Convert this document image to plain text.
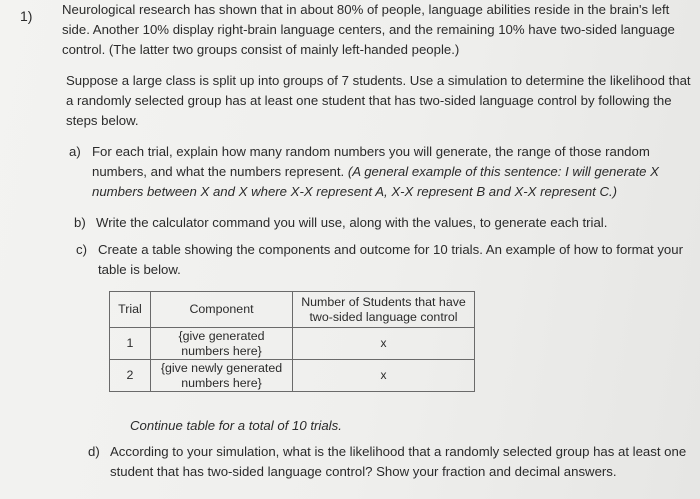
1) Neurological research has shown that in about 80% of people, language abilities reside in the brain's left
side. Another 10% display right-brain language centers, and the remaining 10% have two-sided language
control. (The latter two groups consist of mainly left-handed people.)
Suppose a large class is split up into groups of 7 students. Use a simulation to determine the likelihood that
a randomly selected group has at least one student that has two-sided language control by following the
steps below.
a) For each trial, explain how many random numbers you will generate, the range of those random
numbers, and what the numbers represent. (A general example of this sentence: I will generate X
numbers between X and X where X-X represent A, X-X represent B and X-X represent C.)
b) Write the calculator command you will use, along with the values, to generate each trial.
c) Create a table showing the components and outcome for 10 trials. An example of how to format your
table is below.
Trial	Component	Number of Students that have
two-sided language control

1	{give generated
numbers here}	x
2	{give newly generated
numbers here}	x
Continue table for a total of 10 trials.
d) According to your simulation, what is the likelihood that a randomly selected group has at least one
student that has two-sided language control? Show your fraction and decimal answers.
